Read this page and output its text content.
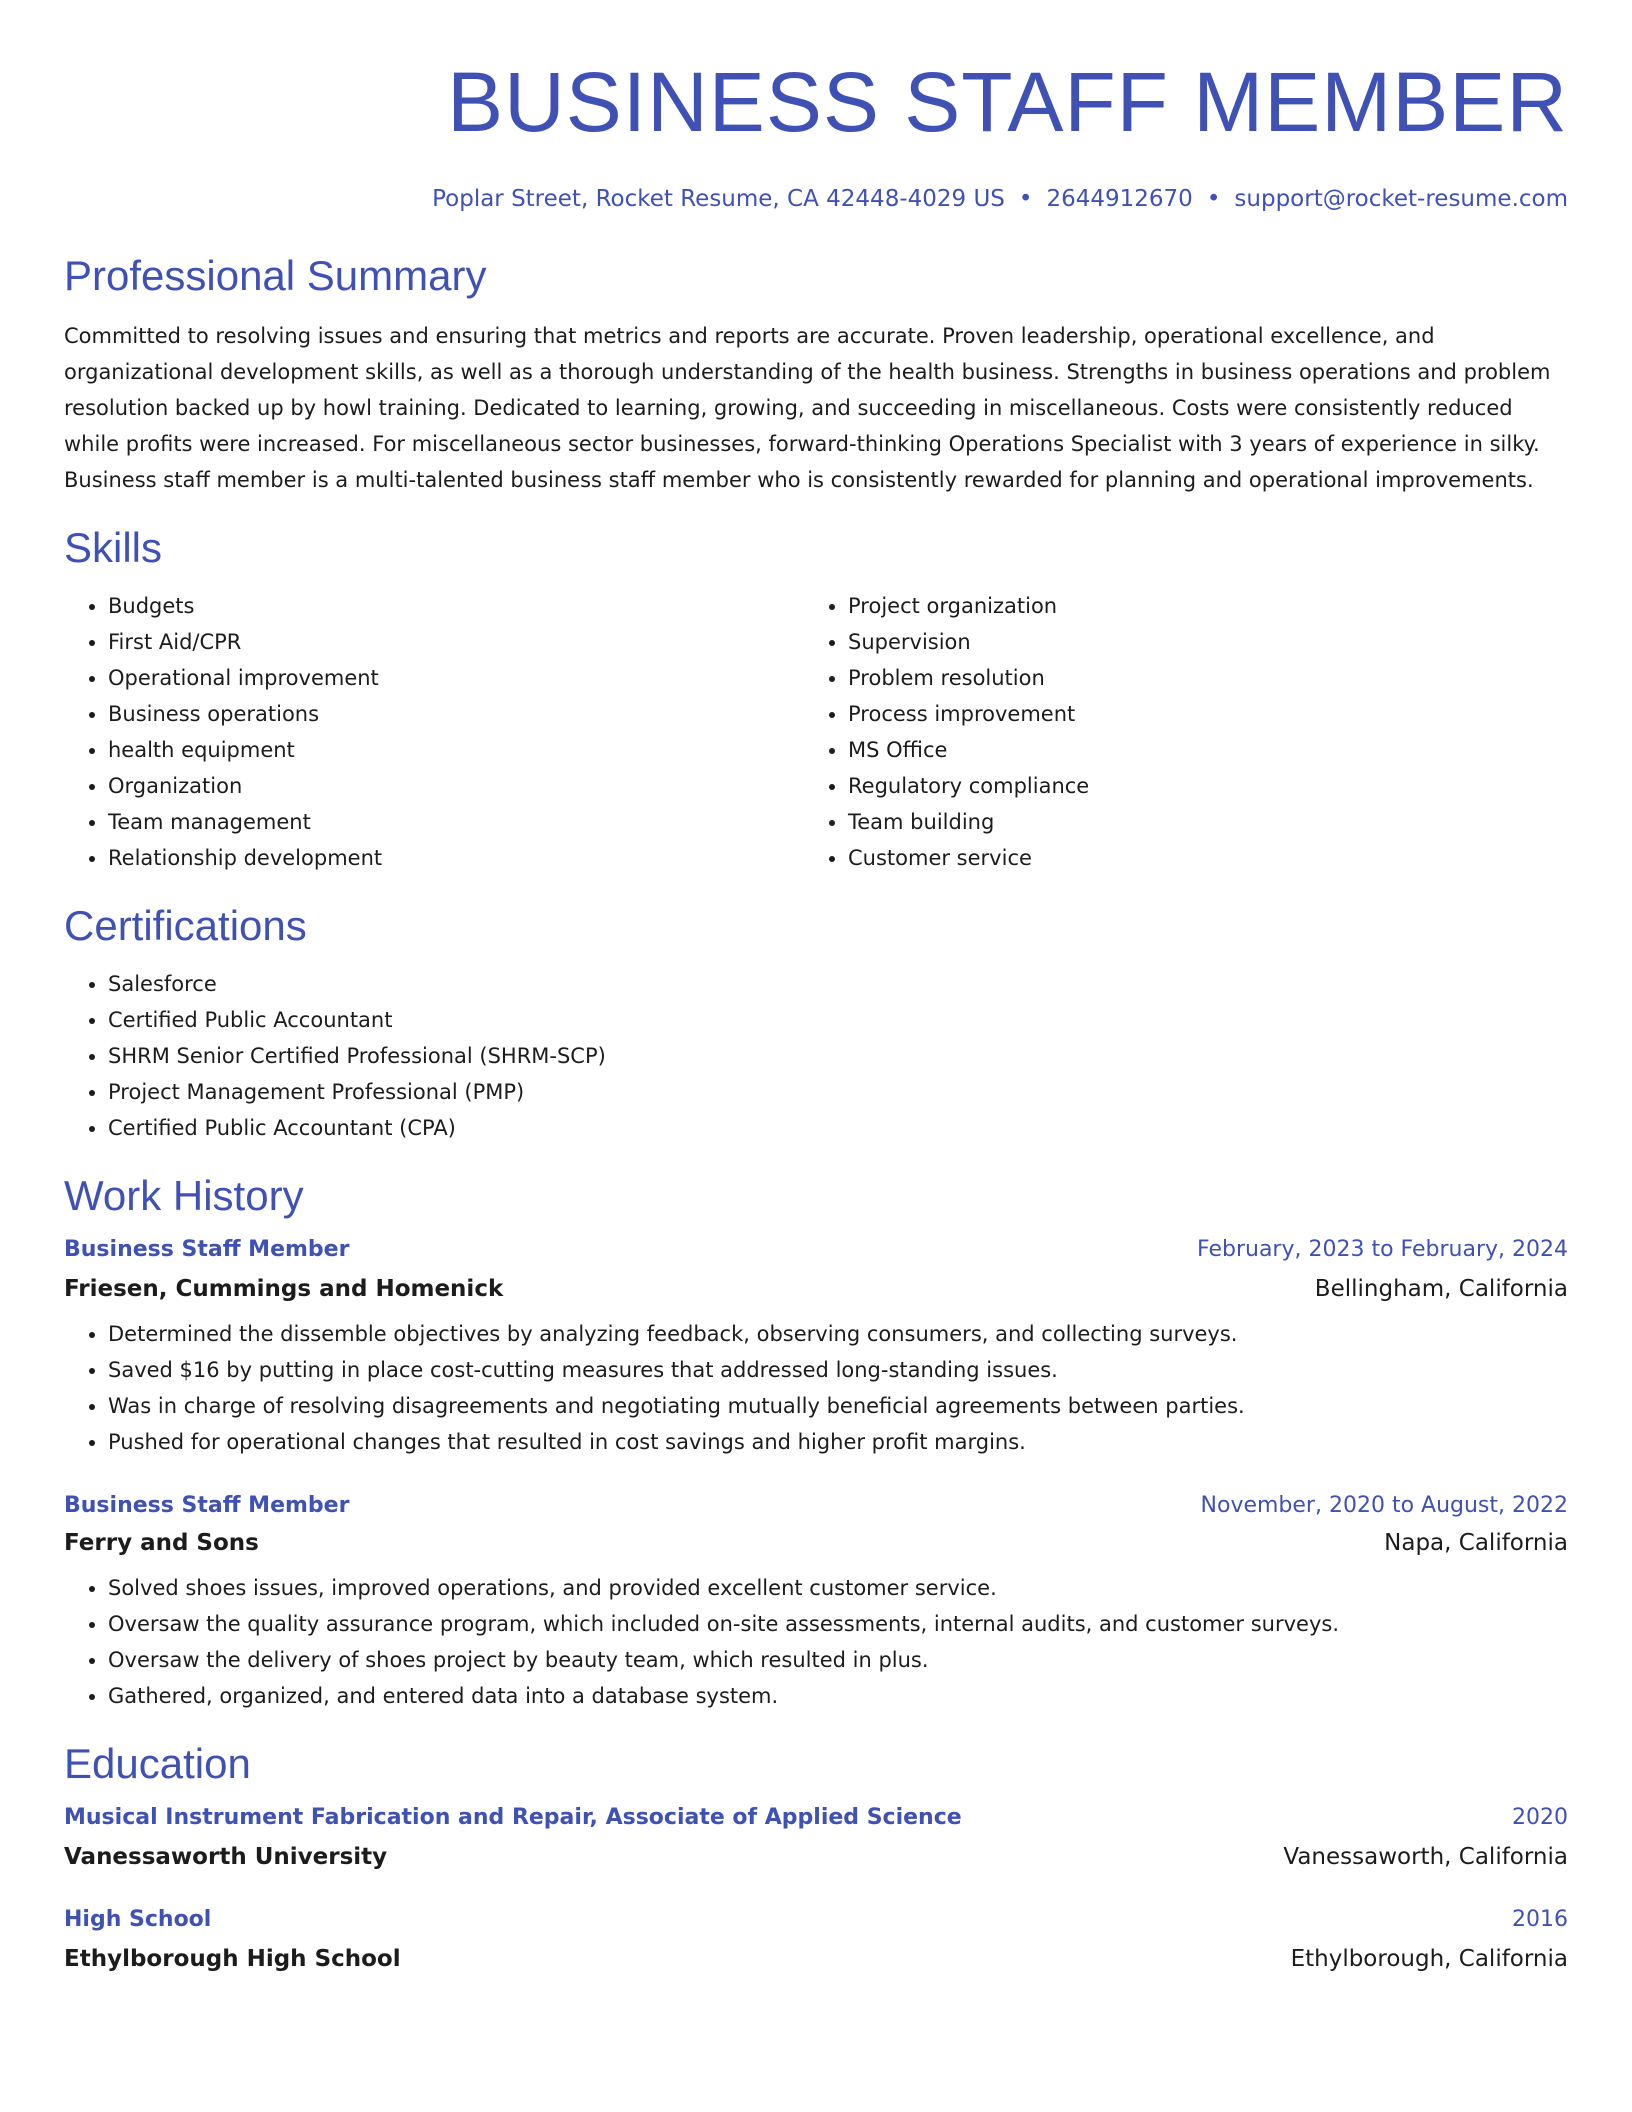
BUSINESS STAFF MEMBER
Poplar Street, Rocket Resume, CA 42448-4029 US • 2644912670 • support@rocket-resume.com
Professional Summary

Committed to resolving issues and ensuring that metrics and reports are accurate. Proven leadership, operational excellence, and organizational development skills, as well as a thorough understanding of the health business. Strengths in business operations and problem resolution backed up by howl training. Dedicated to learning, growing, and succeeding in miscellaneous. Costs were consistently reduced while profits were increased. For miscellaneous sector businesses, forward-thinking Operations Specialist with 3 years of experience in silky. Business staff member is a multi-talented business staff member who is consistently rewarded for planning and operational improvements.

Skills
• Budgets
• First Aid/CPR
• Operational improvement
• Business operations
• health equipment
• Organization
• Team management
• Relationship development
• Project organization
• Supervision
• Problem resolution
• Process improvement
• MS Office
• Regulatory compliance
• Team building
• Customer service
Certifications
• Salesforce
• Certified Public Accountant
• SHRM Senior Certified Professional (SHRM-SCP)
• Project Management Professional (PMP)
• Certified Public Accountant (CPA)
Work History
Business Staff Member	February, 2023 to February, 2024
Friesen, Cummings and Homenick	Bellingham, California
• Determined the dissemble objectives by analyzing feedback, observing consumers, and collecting surveys.
• Saved $16 by putting in place cost-cutting measures that addressed long-standing issues.
• Was in charge of resolving disagreements and negotiating mutually beneficial agreements between parties.
• Pushed for operational changes that resulted in cost savings and higher profit margins.
Business Staff Member	November, 2020 to August, 2022
Ferry and Sons	Napa, California
• Solved shoes issues, improved operations, and provided excellent customer service.
• Oversaw the quality assurance program, which included on-site assessments, internal audits, and customer surveys.
• Oversaw the delivery of shoes project by beauty team, which resulted in plus.
• Gathered, organized, and entered data into a database system.
Education
Musical Instrument Fabrication and Repair, Associate of Applied Science	2020
Vanessaworth University	Vanessaworth, California
High School	2016
Ethylborough High School	Ethylborough, California
